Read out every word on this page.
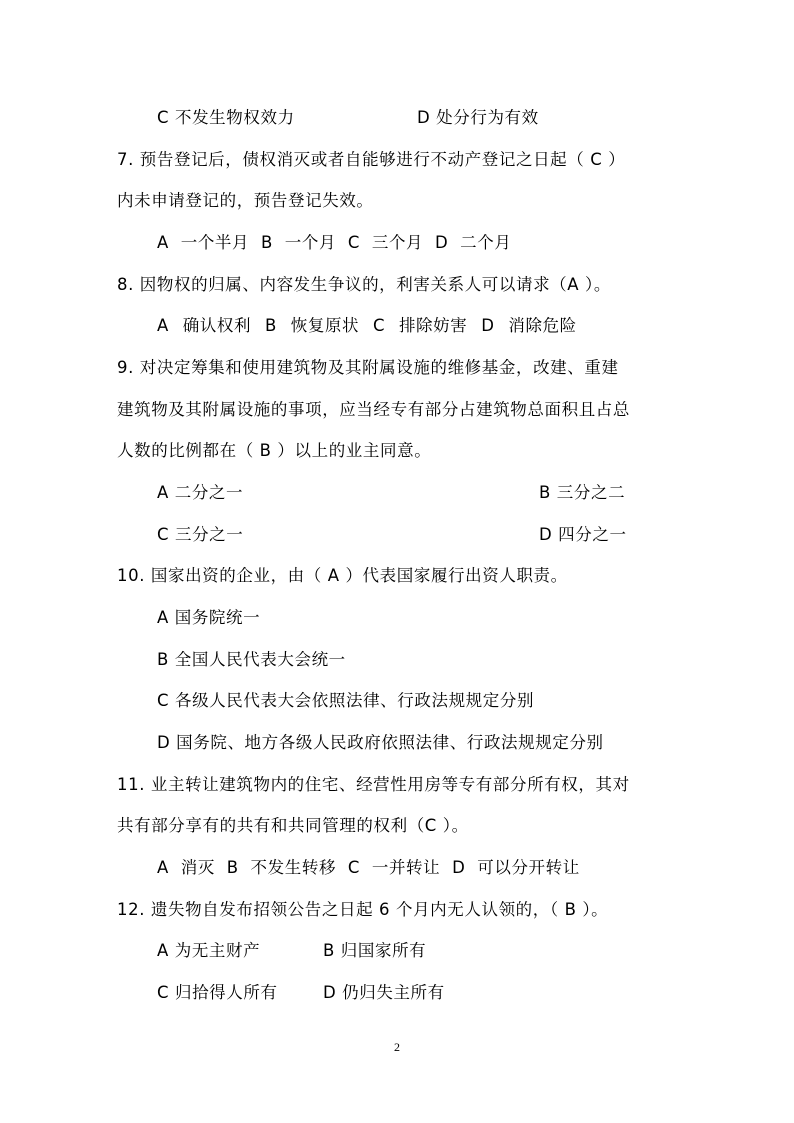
C 不发生物权效力	D 处分行为有效
7. 预告登记后，债权消灭或者自能够进行不动产登记之日起（ C ）
内未申请登记的，预告登记失效。
A 一个半月 B 一个月 C 三个月 D 二个月
8. 因物权的归属、内容发生争议的，利害关系人可以请求（A ）。
A 确认权利 B 恢复原状 C 排除妨害 D 消除危险
9. 对决定筹集和使用建筑物及其附属设施的维修基金，改建、重建
建筑物及其附属设施的事项，应当经专有部分占建筑物总面积且占总
人数的比例都在（ B ）以上的业主同意。
A 二分之一	B 三分之二
C 三分之一	D 四分之一
10. 国家出资的企业，由（ A ）代表国家履行出资人职责。
A 国务院统一
B 全国人民代表大会统一
C 各级人民代表大会依照法律、行政法规规定分别
D 国务院、地方各级人民政府依照法律、行政法规规定分别
11. 业主转让建筑物内的住宅、经营性用房等专有部分所有权，其对
共有部分享有的共有和共同管理的权利（C ）。
A 消灭 B 不发生转移 C 一并转让 D 可以分开转让
12. 遗失物自发布招领公告之日起 6 个月内无人认领的，（ B ）。
A 为无主财产	B 归国家所有
C 归拾得人所有	D 仍归失主所有
2
